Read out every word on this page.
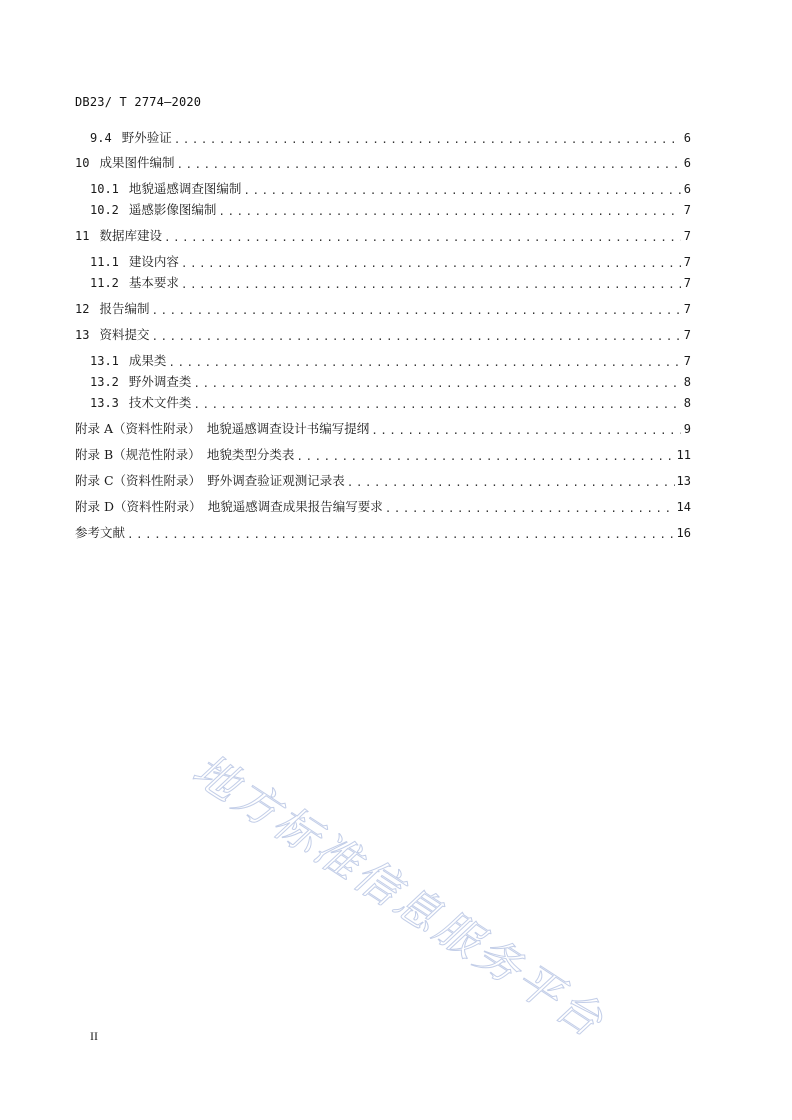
DB23/ T 2774—2020
9.4 野外验证 .....	6
10 成果图件编制 .....	6
10.1 地貌遥感调查图编制 .....	6
10.2 遥感影像图编制 .....	7
11 数据库建设 .....	7
11.1 建设内容 .....	7
11.2 基本要求 .....	7
12 报告编制 .....	7
13 资料提交 .....	7
13.1 成果类 .....	7
13.2 野外调查类 .....	8
13.3 技术文件类 .....	8
附录 A（资料性附录）　地貌遥感调查设计书编写提纲 .....	9
附录 B（规范性附录）　地貌类型分类表 .....	11
附录 C（资料性附录）　野外调查验证观测记录表 .....	13
附录 D（资料性附录）　地貌遥感调查成果报告编写要求 .....	14
参考文献 .....	16
地方标准信息服务平台
II
